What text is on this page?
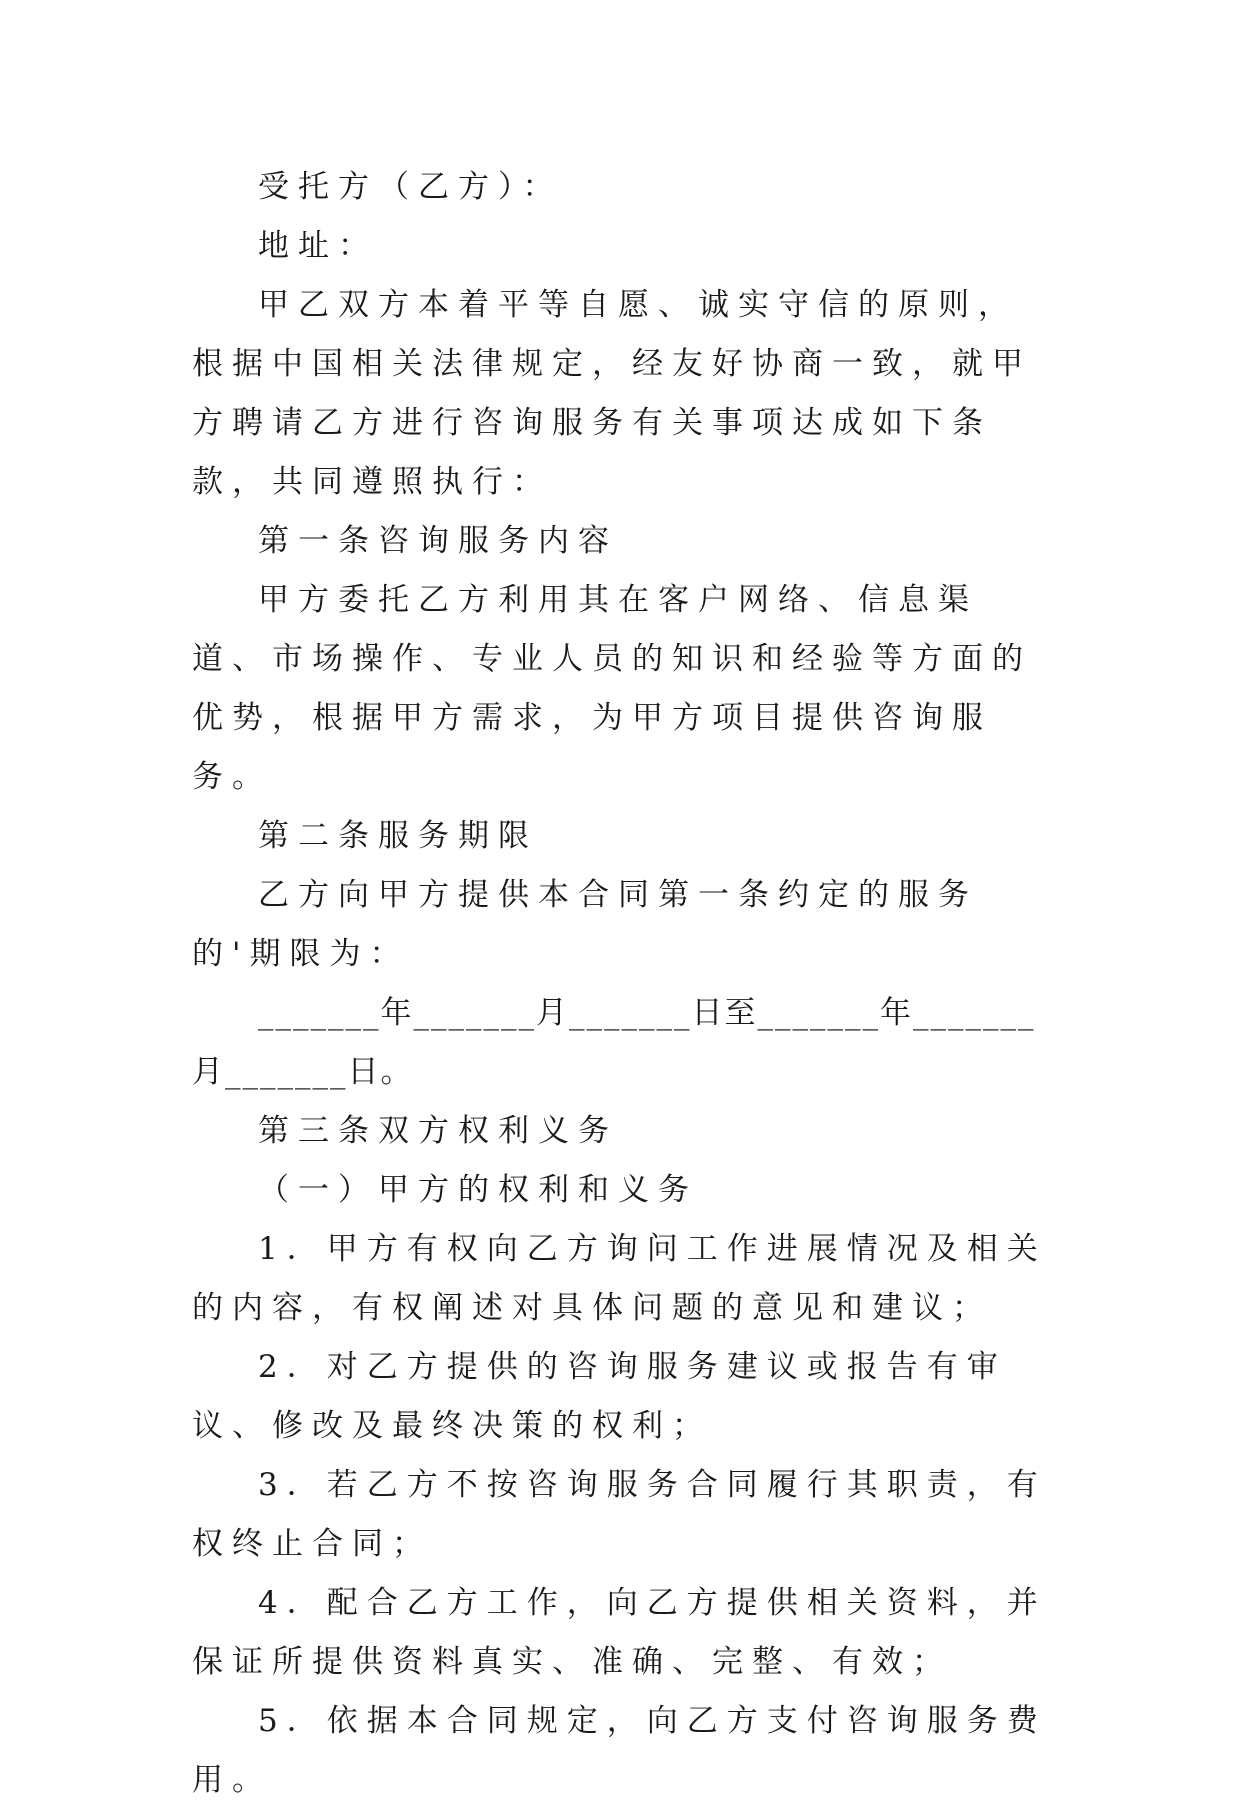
受托方（乙方）：

地址：

甲乙双方本着平等自愿、诚实守信的原则，根据中国相关法律规定，经友好协商一致，就甲方聘请乙方进行咨询服务有关事项达成如下条款，共同遵照执行：

第一条咨询服务内容

甲方委托乙方利用其在客户网络、信息渠道、市场操作、专业人员的知识和经验等方面的优势，根据甲方需求，为甲方项目提供咨询服务。

第二条服务期限

乙方向甲方提供本合同第一条约定的服务的'期限为：

_______年_______月_______日至_______年_______月_______日。

第三条双方权利义务

（一）甲方的权利和义务

1．甲方有权向乙方询问工作进展情况及相关的内容，有权阐述对具体问题的意见和建议；

2．对乙方提供的咨询服务建议或报告有审议、修改及最终决策的权利；

3．若乙方不按咨询服务合同履行其职责，有权终止合同；

4．配合乙方工作，向乙方提供相关资料，并保证所提供资料真实、准确、完整、有效；

5．依据本合同规定，向乙方支付咨询服务费用。
